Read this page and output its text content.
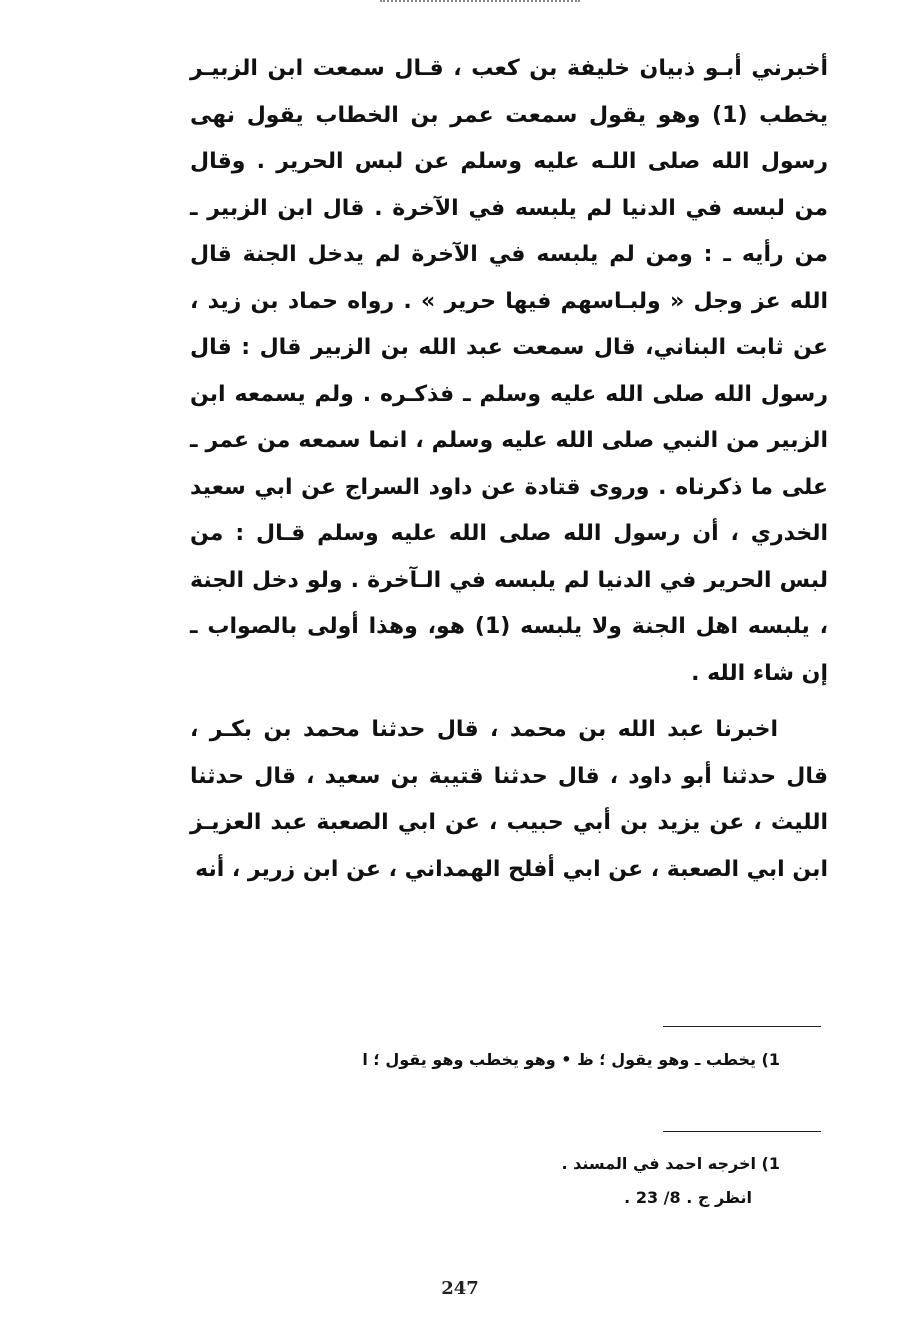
أخبرني أبـو ذبيان خليفة بن كعب ، قـال سمعت ابن الزبيـر يخطب (1) وهو يقول سمعت عمر بن الخطاب يقول نهى رسول الله صلى اللـه عليه وسلم عن لبس الحرير . وقال من لبسه في الدنيا لم يلبسه في الآخرة . قال ابن الزبير ـ من رأيه ـ : ومن لم يلبسه في الآخرة لم يدخل الجنة قال الله عز وجل « ولبـاسهم فيها حرير » . رواه حماد بن زيد ، عن ثابت البناني، قال سمعت عبد الله بن الزبير قال : قال رسول الله صلى الله عليه وسلم ـ فذكـره . ولم يسمعه ابن الزبير من النبي صلى الله عليه وسلم ، انما سمعه من عمر ـ على ما ذكرناه . وروى قتادة عن داود السراج عن ابي سعيد الخدري ، أن رسول الله صلى الله عليه وسلم قـال : من لبس الحرير في الدنيا لم يلبسه في الـآخرة . ولو دخل الجنة ، يلبسه اهل الجنة ولا يلبسه (1) هو، وهذا أولى بالصواب ـ إن شاء الله .

اخبرنا عبد الله بن محمد ، قال حدثنا محمد بن بكـر ، قال حدثنا أبو داود ، قال حدثنا قتيبة بن سعيد ، قال حدثنا الليث ، عن يزيد بن أبي حبيب ، عن ابي الصعبة عبد العزيـز ابن ابي الصعبة ، عن ابي أفلح الهمداني ، عن ابن زرير ، أنه

1) يخطب ـ وهو يقول ؛ ظ • وهو يخطب وهو يقول ؛ ا
1) اخرجه احمد في المسند .
انظر ج . 8/ 23 .
247
